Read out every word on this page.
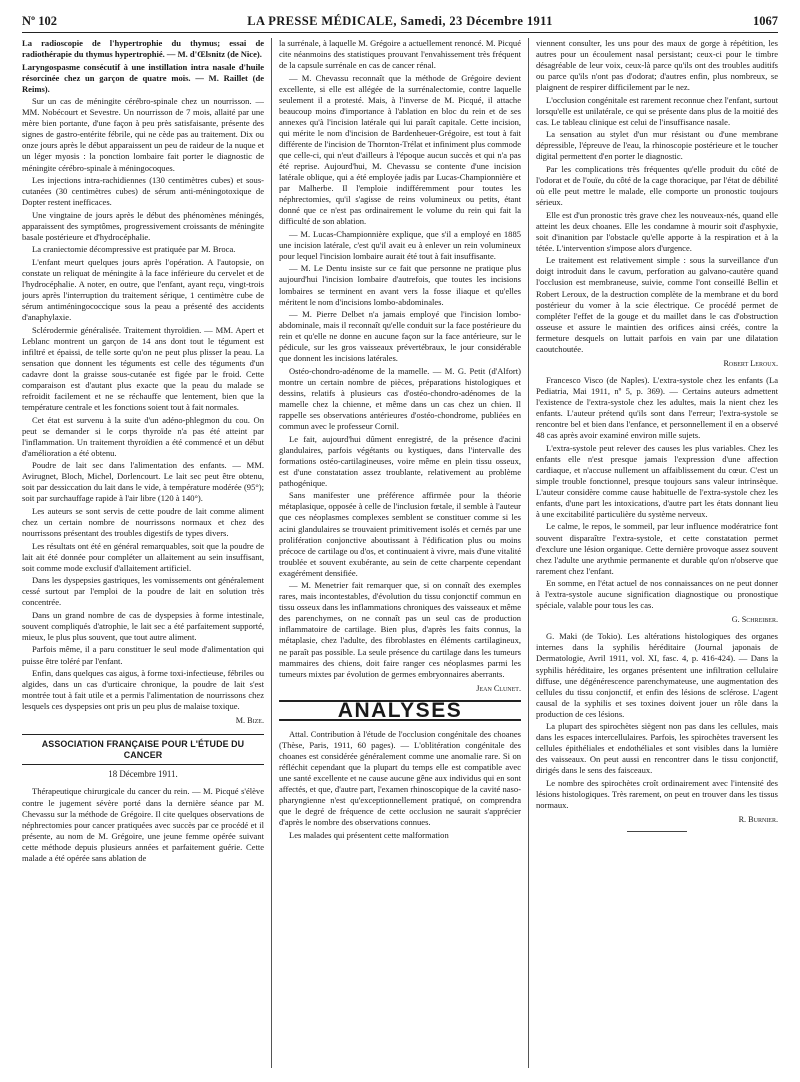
Nº 102	LA PRESSE MÉDICALE, Samedi, 23 Décembre 1911	1067

La radioscopie de l'hypertrophie du thymus; essai de radiothérapie du thymus hypertrophié. — M. d'Œlsnitz (de Nice).

Laryngospasme consécutif à une instillation intra nasale d'huile résorcinée chez un garçon de quatre mois. — M. Raillet (de Reims).

Sur un cas de méningite cérébro-spinale chez un nourrisson. — MM. Nobécourt et Sevestre. Un nourrisson de 7 mois, allaité par une mère bien portante, d'une façon à peu près satisfaisante, présente des signes de gastro-entérite fébrile, qui ne cède pas au traitement. Dix ou onze jours après le début apparaissent un peu de raideur de la nuque et un léger myosis : la ponction lombaire fait porter le diagnostic de méningite cérébro-spinale à méningocoques.

Les injections intra-rachidiennes (130 centimètres cubes) et sous-cutanées (30 centimètres cubes) de sérum anti-méningotoxique de Dopter restent inefficaces.

Une vingtaine de jours après le début des phénomènes méningés, apparaissent des symptômes, progressivement croissants de méningite basale postérieure et d'hydrocéphalie.

La craniectomie décompressive est pratiquée par M. Broca.

L'enfant meurt quelques jours après l'opération. A l'autopsie, on constate un reliquat de méningite à la face inférieure du cervelet et de l'hydrocéphalie. A noter, en outre, que l'enfant, ayant reçu, vingt-trois jours après l'interruption du traitement sérique, 1 centimètre cube de sérum antiméningococcique sous la peau a présenté des accidents d'anaphylaxie.

Sclérodermie généralisée. Traitement thyroïdien. — MM. Apert et Leblanc montrent un garçon de 14 ans dont tout le tégument est infiltré et épaissi, de telle sorte qu'on ne peut plus plisser la peau. La sensation que donnent les téguments est celle des téguments d'un cadavre dont la graisse sous-cutanée est figée par le froid. Cette comparaison est d'autant plus exacte que la peau du malade se refroidit facilement et ne se réchauffe que lentement, bien que la température centrale et les fonctions soient tout à fait normales.

Cet état est survenu à la suite d'un adéno-phlegmon du cou. On peut se demander si le corps thyroïde n'a pas été atteint par l'inflammation. Un traitement thyroïdien a été commencé et un début d'amélioration a été obtenu.

Poudre de lait sec dans l'alimentation des enfants. — MM. Avirugnet, Bloch, Michel, Dorlencourt. Le lait sec peut être obtenu, soit par dessiccation du lait dans le vide, à température modérée (95°); soit par surchauffage rapide à l'air libre (120 à 140°).

Les auteurs se sont servis de cette poudre de lait comme aliment chez un certain nombre de nourrissons normaux et chez des nourrissons présentant des troubles digestifs de types divers.

Les résultats ont été en général remarquables, soit que la poudre de lait ait été donnée pour compléter un allaitement au sein insuffisant, soit comme mode exclusif d'allaitement artificiel.

Dans les dyspepsies gastriques, les vomissements ont généralement cessé surtout par l'emploi de la poudre de lait en solution très concentrée.

Dans un grand nombre de cas de dyspepsies à forme intestinale, souvent compliqués d'atrophie, le lait sec a été parfaitement supporté, mieux, le plus plus souvent, que tout autre aliment.

Parfois même, il a paru constituer le seul mode d'alimentation qui puisse être toléré par l'enfant.

Enfin, dans quelques cas aigus, à forme toxi-infectieuse, fébriles ou algides, dans un cas d'urticaire chronique, la poudre de lait s'est montrée tout à fait utile et a permis l'alimentation de nourrissons chez lesquels ces dyspepsies ont pris un peu plus de malaise toxique.

M. Bize.

ASSOCIATION FRANÇAISE POUR L'ÉTUDE DU CANCER
18 Décembre 1911.

Thérapeutique chirurgicale du cancer du rein. — M. Picqué s'élève contre le jugement sévère porté dans la dernière séance par M. Chevassu sur la méthode de Grégoire. Il cite quelques observations de néphrectomies pour cancer pratiquées avec succès par ce procédé et il présente, au nom de M. Grégoire, une jeune femme opérée suivant cette méthode depuis plusieurs années et parfaitement guérie. Cette malade a été opérée sans ablation de

la surrénale, à laquelle M. Grégoire a actuellement renoncé. M. Picqué cite néanmoins des statistiques prouvant l'envahissement très fréquent de la capsule surrénale en cas de cancer rénal.

— M. Chevassu reconnaît que la méthode de Grégoire devient excellente, si elle est allégée de la surrénalectomie, contre laquelle seulement il a protesté. Mais, à l'inverse de M. Picqué, il attache beaucoup moins d'importance à l'ablation en bloc du rein et de ses annexes qu'à l'incision latérale qui lui paraît capitale. Cette incision, qui mérite le nom d'incision de Bardenheuer-Grégoire, est tout à fait différente de l'incision de Thornton-Trélat et infiniment plus commode que celle-ci, qui n'eut d'ailleurs à l'époque aucun succès et qui n'a pas été reprise. Aujourd'hui, M. Chevassu se contente d'une incision latérale oblique, qui a été employée jadis par Lucas-Championnière et par Malherbe. Il l'emploie indifféremment pour toutes les néphrectomies, qu'il s'agisse de reins volumineux ou petits, étant donné que ce n'est pas ordinairement le volume du rein qui fait la difficulté de son ablation.

— M. Lucas-Championnière explique, que s'il a employé en 1885 une incision latérale, c'est qu'il avait eu à enlever un rein volumineux pour lequel l'incision lombaire aurait été tout à fait insuffisante.

— M. Le Dentu insiste sur ce fait que personne ne pratique plus aujourd'hui l'incision lombaire d'autrefois, que toutes les incisions lombaires se terminent en avant vers la fosse iliaque et qu'elles méritent le nom d'incisions lombo-abdominales.

— M. Pierre Delbet n'a jamais employé que l'incision lombo-abdominale, mais il reconnaît qu'elle conduit sur la face postérieure du rein et qu'elle ne donne en aucune façon sur la face antérieure, sur le pédicule, sur les gros vaisseaux prévertébraux, le jour considérable que donnent les incisions latérales.

Ostéo-chondro-adénome de la mamelle. — M. G. Petit (d'Alfort) montre un certain nombre de pièces, préparations histologiques et dessins, relatifs à plusieurs cas d'ostéo-chondro-adénomes de la mamelle chez la chienne, et même dans un cas chez un chien. Il rappelle ses observations antérieures d'ostéo-chondrome, publiées en commun avec le professeur Cornil.

Le fait, aujourd'hui dûment enregistré, de la présence d'acini glandulaires, parfois végétants ou kystiques, dans l'intervalle des formations ostéo-cartilagineuses, voire même en plein tissu osseux, est d'une constatation assez troublante, relativement au problème pathogénique.

Sans manifester une préférence affirmée pour la théorie métaplasique, opposée à celle de l'inclusion fœtale, il semble à l'auteur que ces néoplasmes complexes semblent se constituer comme si les acini glandulaires se trouvaient primitivement isolés et cernés par une prolifération conjonctive aboutissant à l'édification plus ou moins précoce de cartilage ou d'os, et continuaient à vivre, mais d'une vitalité troublée et souvent exubérante, au sein de cette charpente cependant exagérément densifiée.

— M. Menetrier fait remarquer que, si on connaît des exemples rares, mais incontestables, d'évolution du tissu conjonctif commun en tissu osseux dans les inflammations chroniques des vaisseaux et même des parenchymes, on ne connaît pas un seul cas de production inflammatoire de cartilage. Bien plus, d'après les faits connus, la métaplasie, chez l'adulte, des fibroblastes en éléments cartilagineux, ne paraît pas possible. La seule présence du cartilage dans les tumeurs mammaires des chiens, doit faire ranger ces néoplasmes parmi les tumeurs mixtes par évolution de germes embryonnaires aberrants.

Jean Clunet.

ANALYSES

Attal. Contribution à l'étude de l'occlusion congénitale des choanes (Thèse, Paris, 1911, 60 pages). — L'oblitération congénitale des choanes est considérée généralement comme une anomalie rare. Si on réfléchit cependant que la plupart du temps elle est compatible avec une santé excellente et ne cause aucune gêne aux individus qui en sont affectés, et que, d'autre part, l'examen rhinoscopique de la cavité naso-pharyngienne n'est qu'exceptionnellement pratiqué, on comprendra que le degré de fréquence de cette occlusion ne saurait s'apprécier d'après le nombre des observations connues.

Les malades qui présentent cette malformation

viennent consulter, les uns pour des maux de gorge à répétition, les autres pour un écoulement nasal persistant; ceux-ci pour le timbre désagréable de leur voix, ceux-là parce qu'ils ont des troubles auditifs ou parce qu'ils n'ont pas d'odorat; d'autres enfin, plus nombreux, se plaignent de respirer difficilement par le nez.

L'occlusion congénitale est rarement reconnue chez l'enfant, surtout lorsqu'elle est unilatérale, ce qui se présente dans plus de la moitié des cas. Le tableau clinique est celui de l'insuffisance nasale.

La sensation au stylet d'un mur résistant ou d'une membrane dépressible, l'épreuve de l'eau, la rhinoscopie postérieure et le toucher digital permettent d'en porter le diagnostic.

Par les complications très fréquentes qu'elle produit du côté de l'odorat et de l'ouïe, du côté de la cage thoracique, par l'état de débilité où elle peut mettre le malade, elle comporte un pronostic toujours sérieux.

Elle est d'un pronostic très grave chez les nouveaux-nés, quand elle atteint les deux choanes. Elle les condamne à mourir soit d'asphyxie, soit d'inanition par l'obstacle qu'elle apporte à la respiration et à la tétée. L'intervention s'impose alors d'urgence.

Le traitement est relativement simple : sous la surveillance d'un doigt introduit dans le cavum, perforation au galvano-cautère quand l'occlusion est membraneuse, suivie, comme l'ont conseillé Bellin et Robert Leroux, de la destruction complète de la membrane et du bord postérieur du vomer à la scie électrique. Ce procédé permet de compléter l'effet de la gouge et du maillet dans le cas d'obstruction osseuse et assure le maintien des orifices ainsi créés, contre la fermeture desquels on luttait parfois en vain par une dilatation caoutchoutée.

Robert Leroux.

Francesco Visco (de Naples). L'extra-systole chez les enfants (La Pediatria, Mai 1911, nº 5, p. 369). — Certains auteurs admettent l'existence de l'extra-systole chez les adultes, mais la nient chez les enfants. L'auteur prétend qu'ils sont dans l'erreur; l'extra-systole se rencontre bel et bien dans l'enfance, et personnellement il en a observé 48 cas après avoir examiné environ mille sujets.

L'extra-systole peut relever des causes les plus variables. Chez les enfants elle n'est presque jamais l'expression d'une affection cardiaque, et n'accuse nullement un affaiblissement du cœur. C'est un simple trouble fonctionnel, presque toujours sans valeur intrinsèque. L'auteur considère comme cause habituelle de l'extra-systole chez les enfants, d'une part les intoxications, d'autre part les états donnant lieu à une excitabilité particulière du système nerveux.

Le calme, le repos, le sommeil, par leur influence modératrice font souvent disparaître l'extra-systole, et cette constatation permet d'exclure une lésion organique. Cette dernière provoque assez souvent chez l'adulte une arythmie permanente et durable qu'on n'observe que rarement chez l'enfant.

En somme, en l'état actuel de nos connaissances on ne peut donner à l'extra-systole aucune signification diagnostique ou pronostique spéciale, valable pour tous les cas.

G. Schreiber.

G. Maki (de Tokio). Les altérations histologiques des organes internes dans la syphilis héréditaire (Journal japonais de Dermatologie, Avril 1911, vol. XI, fasc. 4, p. 416-424). — Dans la syphilis héréditaire, les organes présentent une infiltration cellulaire diffuse, une dégénérescence parenchymateuse, une augmentation des cellules du tissu conjonctif, et enfin des lésions de sclérose. L'agent causal de la syphilis et ses toxines doivent jouer un rôle dans la production de ces lésions.

La plupart des spirochètes siègent non pas dans les cellules, mais dans les espaces intercellulaires. Parfois, les spirochètes traversent les cellules épithéliales et endothéliales et sont visibles dans la lumière des vaisseaux. On peut aussi en rencontrer dans le tissu conjonctif, dirigés dans le sens des faisceaux.

Le nombre des spirochètes croît ordinairement avec l'intensité des lésions histologiques. Très rarement, on peut en trouver dans les tissus normaux.

R. Burnier.
